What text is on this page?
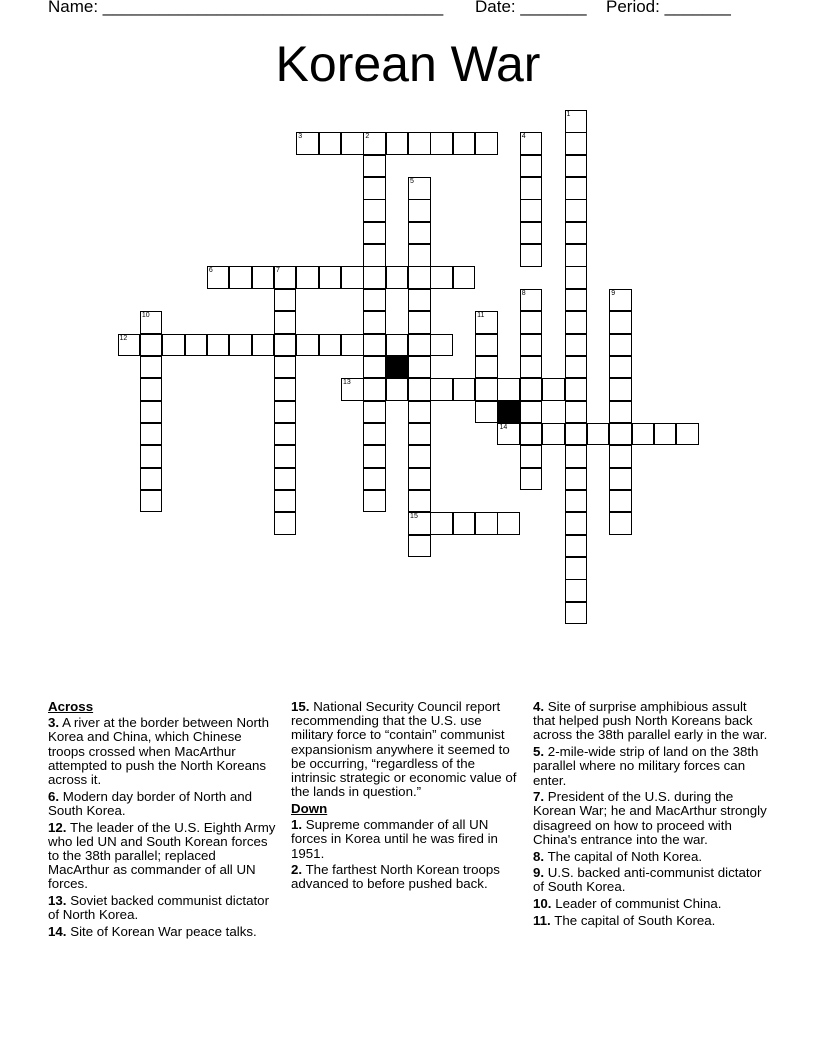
Name: ____________________________________ Date: _______ Period: _______
Korean War
3	2
6	7
12
13
14
15
1
4
5
8	9
10	11
Across
3. A river at the border between North Korea and China, which Chinese troops crossed when MacArthur attempted to push the North Koreans across it.
6. Modern day border of North and South Korea.
12. The leader of the U.S. Eighth Army who led UN and South Korean forces to the 38th parallel; replaced MacArthur as commander of all UN forces.
13. Soviet backed communist dictator of North Korea.
14. Site of Korean War peace talks.
15. National Security Council report recommending that the U.S. use military force to “contain” communist expansionism anywhere it seemed to be occurring, “regardless of the intrinsic strategic or economic value of the lands in question.”
Down
1. Supreme commander of all UN forces in Korea until he was fired in 1951.
2. The farthest North Korean troops advanced to before pushed back.
4. Site of surprise amphibious assult that helped push North Koreans back across the 38th parallel early in the war.
5. 2-mile-wide strip of land on the 38th parallel where no military forces can enter.
7. President of the U.S. during the Korean War; he and MacArthur strongly disagreed on how to proceed with China's entrance into the war.
8. The capital of Noth Korea.
9. U.S. backed anti-communist dictator of South Korea.
10. Leader of communist China.
11. The capital of South Korea.
